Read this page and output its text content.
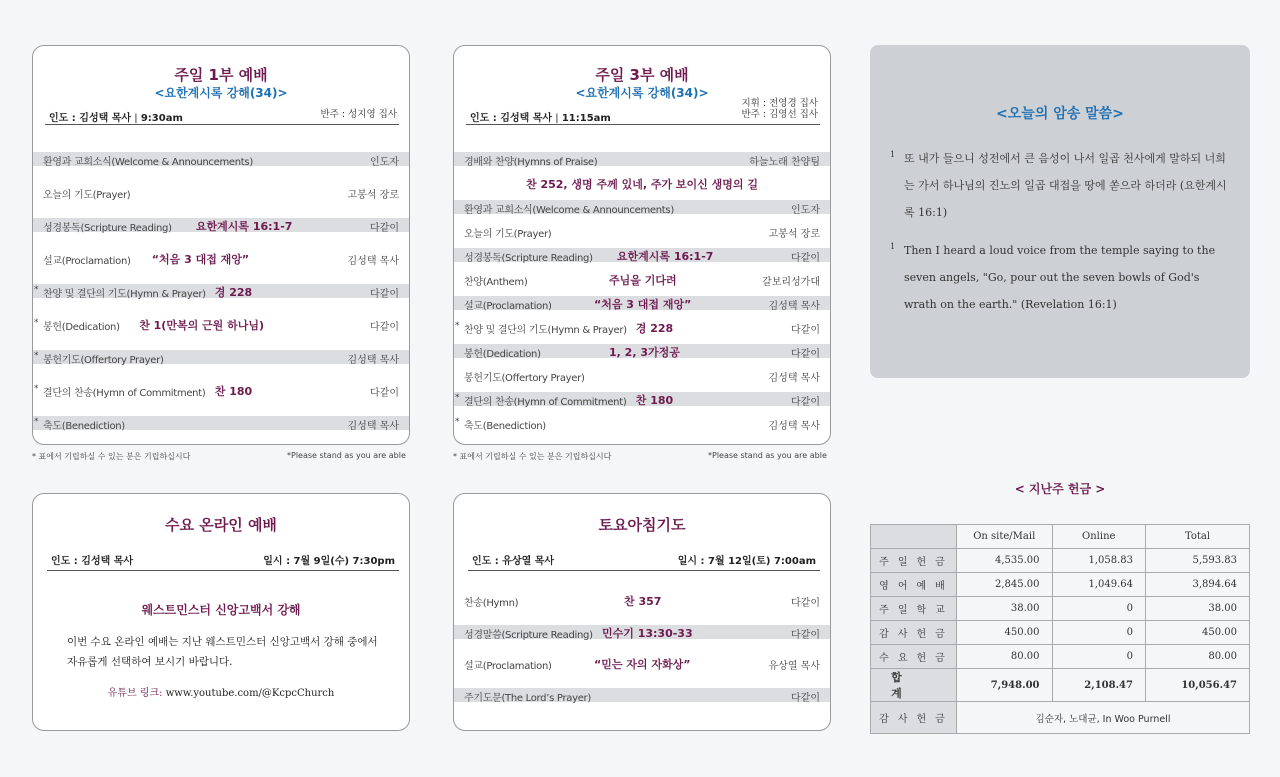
주일 1부 예배
<요한계시록 강해(34)>
인도 : 김성택 목사 | 9:30am	반주 : 성지영 집사
환영과 교회소식(Welcome & Announcements)	인도자
오늘의 기도(Prayer)	고봉석 장로
성경봉독(Scripture Reading) 요한계시록 16:1-7	다같이
설교(Proclamation) “처음 3 대접 재앙”	김성택 목사
* 찬양 및 결단의 기도(Hymn & Prayer) 경 228	다같이
* 봉헌(Dedication) 찬 1(만복의 근원 하나님)	다같이
* 봉헌기도(Offertory Prayer)	김성택 목사
* 결단의 찬송(Hymn of Commitment) 찬 180	다같이
* 축도(Benediction)	김성택 목사
* 표에서 기립하실 수 있는 분은 기립하십시다	*Please stand as you are able
주일 3부 예배
<요한계시록 강해(34)>
인도 : 김성택 목사 | 11:15am
지휘 : 전영경 집사
반주 : 김영선 집사
경배와 찬양(Hymns of Praise)	하늘노래 찬양팀
찬 252, 생명 주께 있네, 주가 보이신 생명의 길
환영과 교회소식(Welcome & Announcements)	인도자
오늘의 기도(Prayer)	고봉석 장로
성경봉독(Scripture Reading) 요한계시록 16:1-7	다같이
찬양(Anthem)	주님을 기다려	갈보리성가대
설교(Proclamation)	“처음 3 대접 재앙”	김성택 목사
* 찬양 및 결단의 기도(Hymn & Prayer) 경 228	다같이
봉헌(Dedication)	1, 2, 3가정공	다같이
봉헌기도(Offertory Prayer)	김성택 목사
* 결단의 찬송(Hymn of Commitment) 찬 180	다같이
* 축도(Benediction)	김성택 목사
* 표에서 기립하실 수 있는 분은 기립하십시다	*Please stand as you are able
수요 온라인 예배
인도 : 김성택 목사	일시 : 7월 9일(수) 7:30pm
웨스트민스터 신앙고백서 강해
이번 수요 온라인 예배는 지난 웨스트민스터 신앙고백서 강해 중에서
자유롭게 선택하여 보시기 바랍니다.
유튜브 링크: www.youtube.com/@KcpcChurch
토요아침기도
인도 : 유상열 목사	일시 : 7월 12일(토) 7:00am
찬송(Hymn)	찬 357	다같이
성경말씀(Scripture Reading) 민수기 13:30-33	다같이
설교(Proclamation)	“믿는 자의 자화상”	유상열 목사
주기도문(The Lord’s Prayer)	다같이
<오늘의 암송 말씀>
1 또 내가 들으니 성전에서 큰 음성이 나서 일곱 천사에게 말하되 너희는 가서 하나님의 진노의 일곱 대접을 땅에 쏟으라 하더라 (요한계시록 16:1)
1 Then I heard a loud voice from the temple saying to the seven angels, "Go, pour out the seven bowls of God's wrath on the earth." (Revelation 16:1)
< 지난주 헌금 >
	On site/Mail	Online	Total
주일헌금	4,535.00	1,058.83	5,593.83
영어예배	2,845.00	1,049.64	3,894.64
주일학교	38.00	0	38.00
감사헌금	450.00	0	450.00
수요헌금	80.00	0	80.00
합계	7,948.00	2,108.47	10,056.47
감사헌금	김순자, 노대균, In Woo Purnell		
